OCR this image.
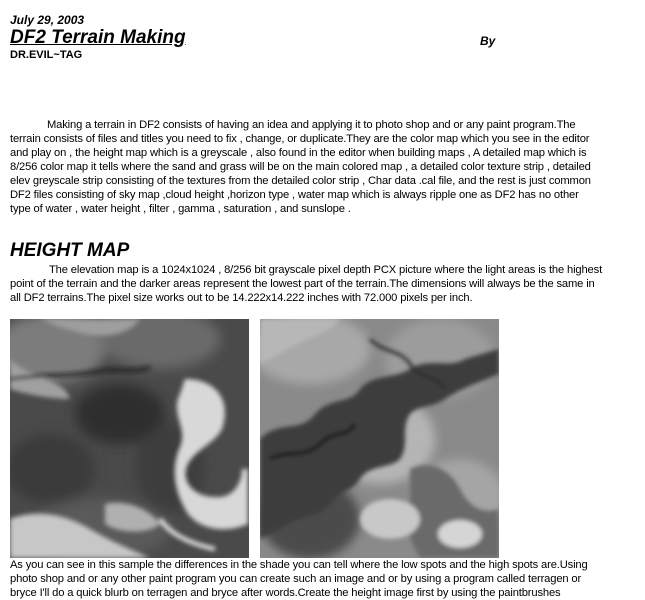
July 29, 2003
DF2 Terrain Making	By
DR.EVIL~TAG
Making a terrain in DF2 consists of having an idea and applying it to photo shop and or any paint program.The
terrain consists of files and titles you need to fix , change, or duplicate.They are the color map which you see in the editor
and play on , the height map which is a greyscale , also found in the editor when building maps , A detailed map which is
8/256 color map it tells where the sand and grass will be on the main colored map , a detailed color texture strip , detailed
elev greyscale strip consisting of the textures from the detailed color strip , Char data .cal file, and the rest is just common
DF2 files consisting of sky map ,cloud height ,horizon type , water map which is always ripple one as DF2 has no other
type of water , water height , filter , gamma , saturation , and sunslope .
HEIGHT MAP
The elevation map is a 1024x1024 , 8/256 bit grayscale pixel depth PCX picture where the light areas is the highest
point of the terrain and the darker areas represent the lowest part of the terrain.The dimensions will always be the same in
all DF2 terrains.The pixel size works out to be 14.222x14.222 inches with 72.000 pixels per inch.
As you can see in this sample the differences in the shade you can tell where the low spots and the high spots are.Using
photo shop and or any other paint program you can create such an image and or by using a program called terragen or
bryce I'll do a quick blurb on terragen and bryce after words.Create the height image first by using the paintbrushes
